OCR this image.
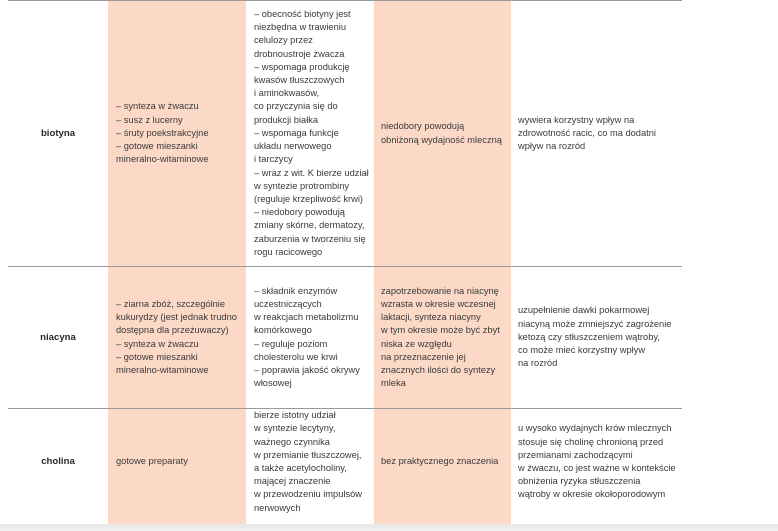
biotyna
– synteza w żwaczu
– susz z lucerny
– śruty poekstrakcyjne
– gotowe mieszanki
mineralno-witaminowe
– obecność biotyny jest
niezbędna w trawieniu
celulozy przez
drobnoustroje żwacza
– wspomaga produkcję
kwasów tłuszczowych
i aminokwasów,
co przyczynia się do
produkcji białka
– wspomaga funkcje
układu nerwowego
i tarczycy
– wraz z wit. K bierze udział
w syntezie protrombiny
(reguluje krzepliwość krwi)
– niedobory powodują
zmiany skórne, dermatozy,
zaburzenia w tworzeniu się
rogu racicowego
niedobory powodują
obniżoną wydajność mleczną
wywiera korzystny wpływ na
zdrowotność racic, co ma dodatni
wpływ na rozród
niacyna
– ziarna zbóż, szczególnie
kukurydzy (jest jednak trudno
dostępna dla przeżuwaczy)
– synteza w żwaczu
– gotowe mieszanki
mineralno-witaminowe
– składnik enzymów
uczestniczących
w reakcjach metabolizmu
komórkowego
– reguluje poziom
cholesterolu we krwi
– poprawia jakość okrywy
włosowej
zapotrzebowanie na niacynę
wzrasta w okresie wczesnej
laktacji, synteza niacyny
w tym okresie może być zbyt
niska ze względu
na przeznaczenie jej
znacznych ilości do syntezy
mleka
uzupełnienie dawki pokarmowej
niacyną może zmniejszyć zagrożenie
ketozą czy stłuszczeniem wątroby,
co może mieć korzystny wpływ
na rozród
cholina	gotowe preparaty
bierze istotny udział
w syntezie lecytyny,
ważnego czynnika
w przemianie tłuszczowej,
a także acetylocholiny,
mającej znaczenie
w przewodzeniu impulsów
nerwowych
bez praktycznego znaczenia
u wysoko wydajnych krów mlecznych
stosuje się cholinę chronioną przed
przemianami zachodzącymi
w żwaczu, co jest ważne w kontekście
obniżenia ryzyka stłuszczenia
wątroby w okresie okołoporodowym
